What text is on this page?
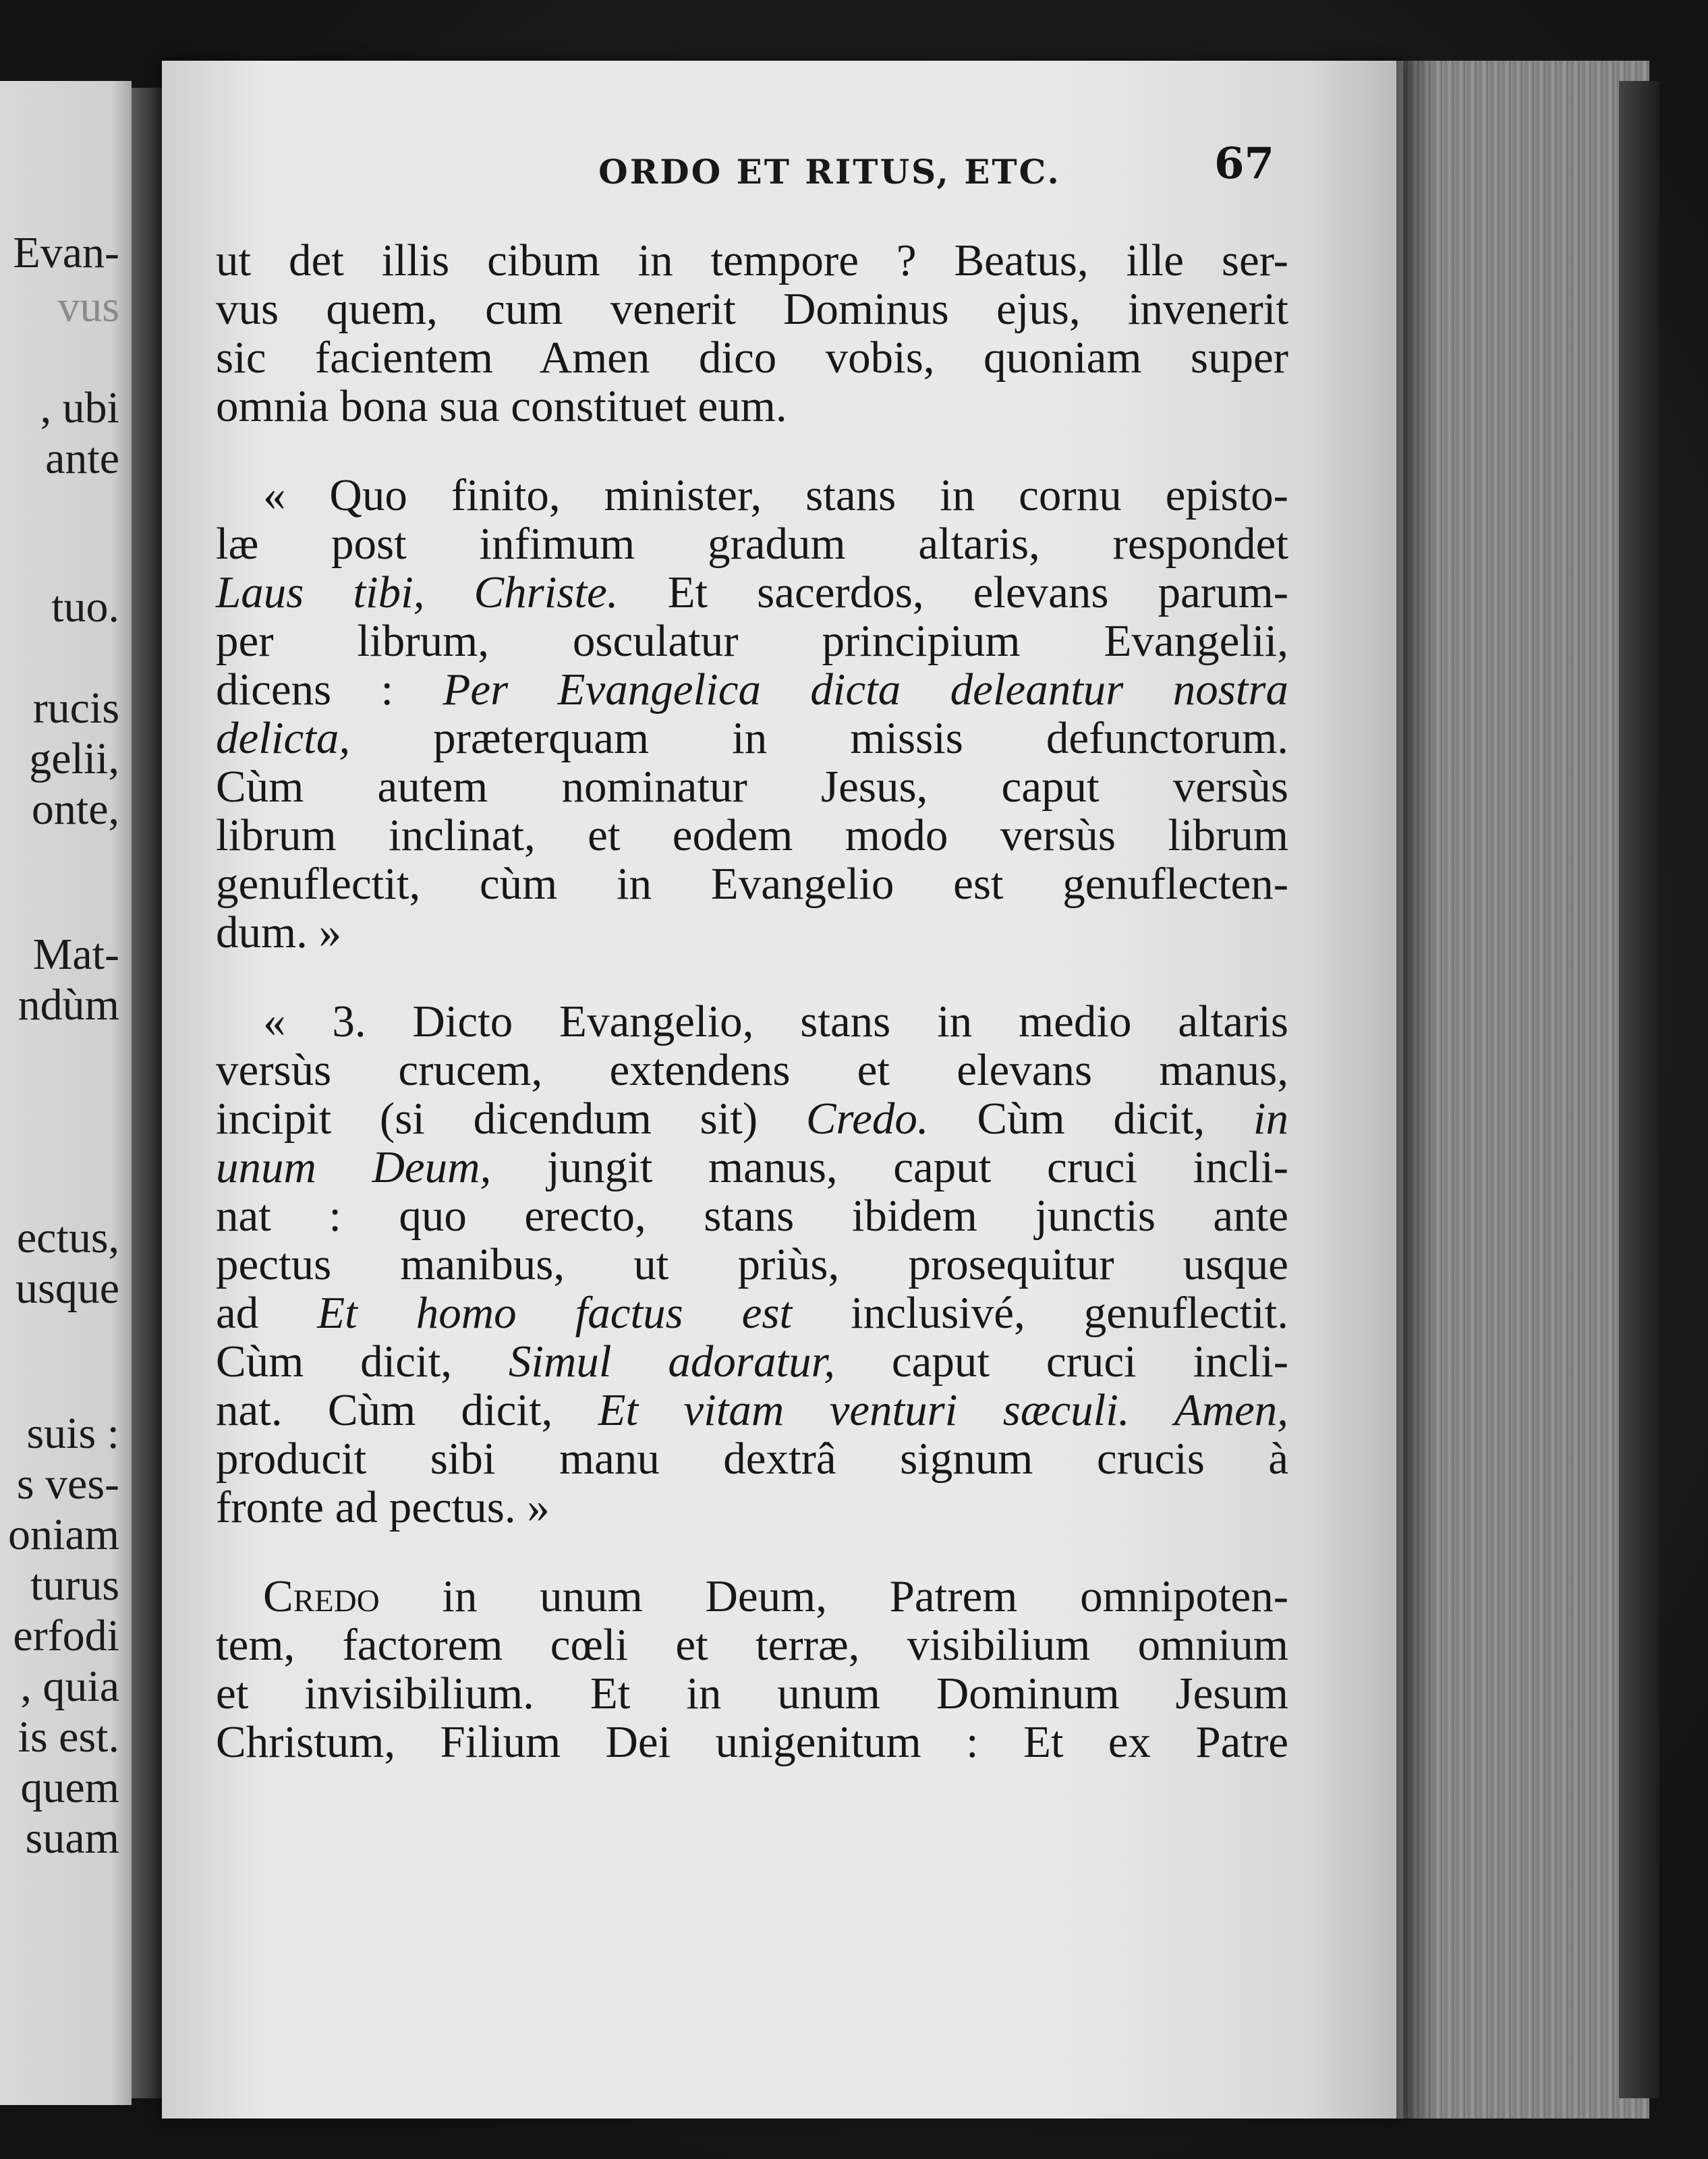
Evan-

vus

, ubi

ante

tuo.

rucis

gelii,

onte,

Mat-

ndùm

ectus,

usque

suis :

s ves-

oniam

turus

erfodi

, quia

is est.

quem

suam

ORDO ET RITUS, ETC.	67

ut det illis cibum in tempore ? Beatus, ille ser-
vus quem, cum venerit Dominus ejus, invenerit
sic facientem Amen dico vobis, quoniam super
omnia bona sua constituet eum.
« Quo finito, minister, stans in cornu episto-
læ post infimum gradum altaris, respondet
Laus tibi, Christe. Et sacerdos, elevans parum-
per librum, osculatur principium Evangelii,
dicens : Per Evangelica dicta deleantur nostra
delicta, præterquam in missis defunctorum.
Cùm autem nominatur Jesus, caput versùs
librum inclinat, et eodem modo versùs librum
genuflectit, cùm in Evangelio est genuflecten-
dum. »
« 3. Dicto Evangelio, stans in medio altaris
versùs crucem, extendens et elevans manus,
incipit (si dicendum sit) Credo. Cùm dicit, in
unum Deum, jungit manus, caput cruci incli-
nat : quo erecto, stans ibidem junctis ante
pectus manibus, ut priùs, prosequitur usque
ad Et homo factus est inclusivé, genuflectit.
Cùm dicit, Simul adoratur, caput cruci incli-
nat. Cùm dicit, Et vitam venturi sæculi. Amen,
producit sibi manu dextrâ signum crucis à
fronte ad pectus. »
Credo in unum Deum, Patrem omnipoten-
tem, factorem cœli et terræ, visibilium omnium
et invisibilium. Et in unum Dominum Jesum
Christum, Filium Dei unigenitum : Et ex Patre
